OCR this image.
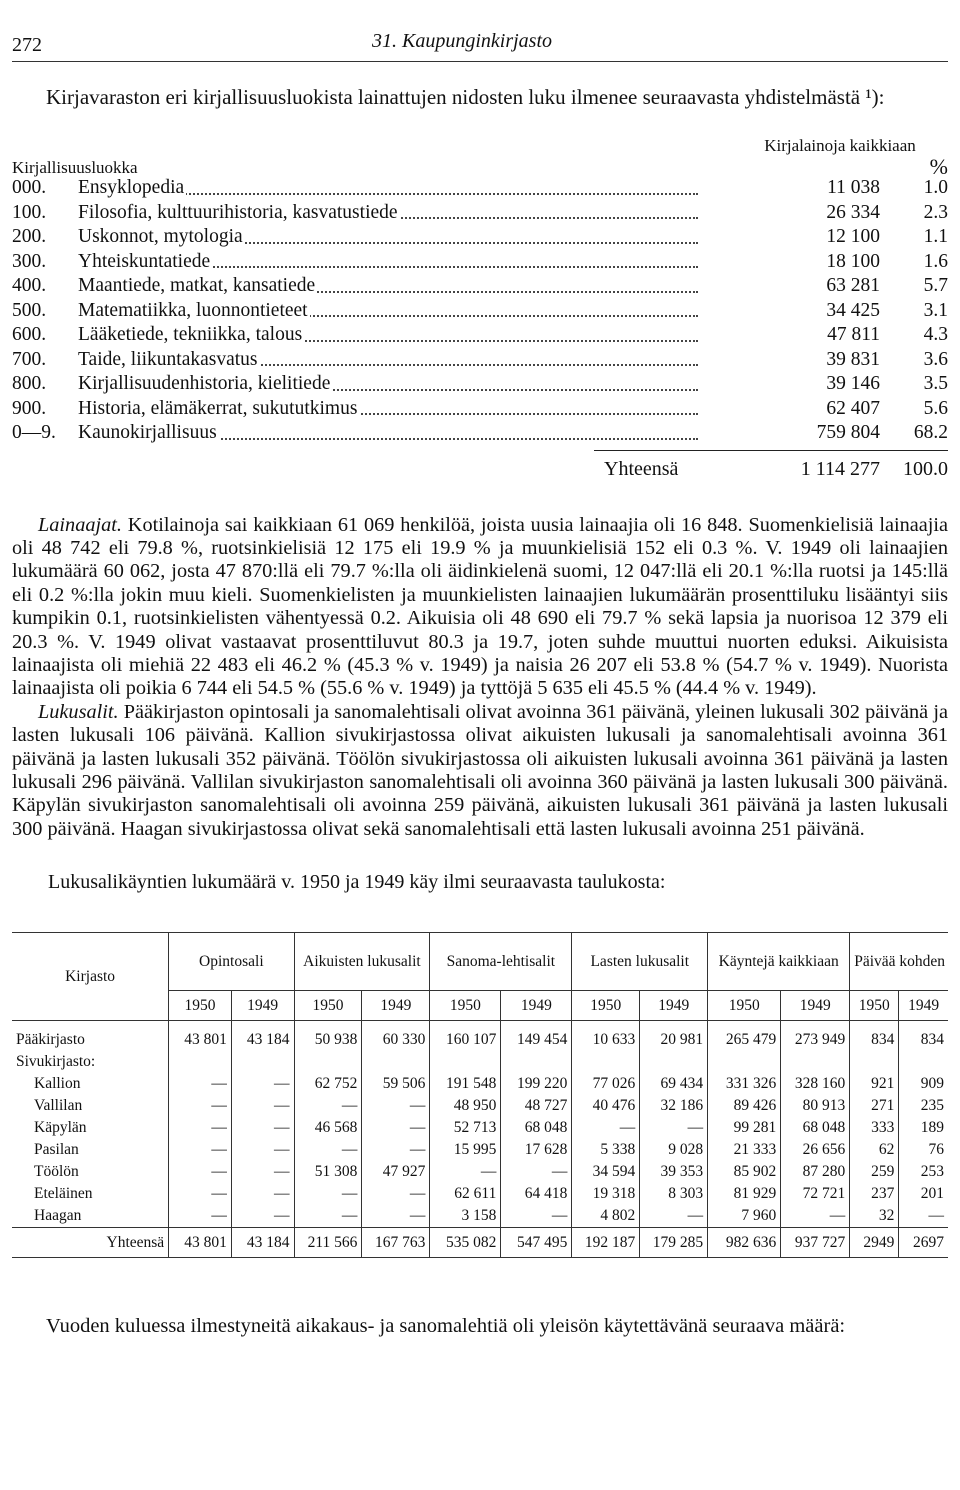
272	31. Kaupunginkirjasto

Kirjavaraston eri kirjallisuusluokista lainattujen nidosten luku ilmenee seuraavasta yhdistelmästä ¹):

Kirjallisuusluokka
Kirjalainoja kaikkiaan
%
000.	Ensyklopedia	11 038	1.0
100.	Filosofia, kulttuurihistoria, kasvatustiede	26 334	2.3
200.	Uskonnot, mytologia	12 100	1.1
300.	Yhteiskuntatiede	18 100	1.6
400.	Maantiede, matkat, kansatiede	63 281	5.7
500.	Matematiikka, luonnontieteet	34 425	3.1
600.	Lääketiede, tekniikka, talous	47 811	4.3
700.	Taide, liikuntakasvatus	39 831	3.6
800.	Kirjallisuudenhistoria, kielitiede	39 146	3.5
900.	Historia, elämäkerrat, sukututkimus	62 407	5.6
0—9.	Kaunokirjallisuus	759 804	68.2
Yhteensä	1 114 277	100.0

Lainaajat. Kotilainoja sai kaikkiaan 61 069 henkilöä, joista uusia lainaajia oli 16 848. Suomenkielisiä lainaajia oli 48 742 eli 79.8 %, ruotsinkielisiä 12 175 eli 19.9 % ja muunkielisiä 152 eli 0.3 %. V. 1949 oli lainaajien lukumäärä 60 062, josta 47 870:llä eli 79.7 %:lla oli äidinkielenä suomi, 12 047:llä eli 20.1 %:lla ruotsi ja 145:llä eli 0.2 %:lla jokin muu kieli. Suomenkielisten ja muunkielisten lainaajien lukumäärän prosenttiluku lisääntyi siis kumpikin 0.1, ruotsinkielisten vähentyessä 0.2. Aikuisia oli 48 690 eli 79.7 % sekä lapsia ja nuorisoa 12 379 eli 20.3 %. V. 1949 olivat vastaavat prosenttiluvut 80.3 ja 19.7, joten suhde muuttui nuorten eduksi. Aikuisista lainaajista oli miehiä 22 483 eli 46.2 % (45.3 % v. 1949) ja naisia 26 207 eli 53.8 % (54.7 % v. 1949). Nuorista lainaajista oli poikia 6 744 eli 54.5 % (55.6 % v. 1949) ja tyttöjä 5 635 eli 45.5 % (44.4 % v. 1949).

Lukusalit. Pääkirjaston opintosali ja sanomalehtisali olivat avoinna 361 päivänä, yleinen lukusali 302 päivänä ja lasten lukusali 106 päivänä. Kallion sivukirjastossa olivat aikuisten lukusali ja sanomalehtisali avoinna 361 päivänä ja lasten lukusali 352 päivänä. Töölön sivukirjastossa oli aikuisten lukusali avoinna 361 päivänä ja lasten lukusali 296 päivänä. Vallilan sivukirjaston sanomalehtisali oli avoinna 360 päivänä ja lasten lukusali 300 päivänä. Käpylän sivukirjaston sanomalehtisali oli avoinna 259 päivänä, aikuisten lukusali 361 päivänä ja lasten lukusali 300 päivänä. Haagan sivukirjastossa olivat sekä sanomalehtisali että lasten lukusali avoinna 251 päivänä.

Lukusalikäyntien lukumäärä v. 1950 ja 1949 käy ilmi seuraavasta taulukosta:

Kirjasto	Opintosali		Aikuisten lukusalit		Sanoma-lehtisalit		Lasten lukusalit		Käyntejä kaikkiaan		Päivää kohden	
	1950	1949	1950	1949	1950	1949	1950	1949	1950	1949	1950	1949
Pääkirjasto	43 801	43 184	50 938	60 330	160 107	149 454	10 633	20 981	265 479	273 949	834	834
Sivukirjasto:												
Kallion	—	—	62 752	59 506	191 548	199 220	77 026	69 434	331 326	328 160	921	909
Vallilan	—	—	—	—	48 950	48 727	40 476	32 186	89 426	80 913	271	235
Käpylän	—	—	46 568	—	52 713	68 048	—	—	99 281	68 048	333	189
Pasilan	—	—	—	—	15 995	17 628	5 338	9 028	21 333	26 656	62	76
Töölön	—	—	51 308	47 927	—	—	34 594	39 353	85 902	87 280	259	253
Eteläinen	—	—	—	—	62 611	64 418	19 318	8 303	81 929	72 721	237	201
Haagan	—	—	—	—	3 158	—	4 802	—	7 960	—	32	—
Yhteensä	43 801	43 184	211 566	167 763	535 082	547 495	192 187	179 285	982 636	937 727	2949	2697

Vuoden kuluessa ilmestyneitä aikakaus- ja sanomalehtiä oli yleisön käytettävänä seuraava määrä:
